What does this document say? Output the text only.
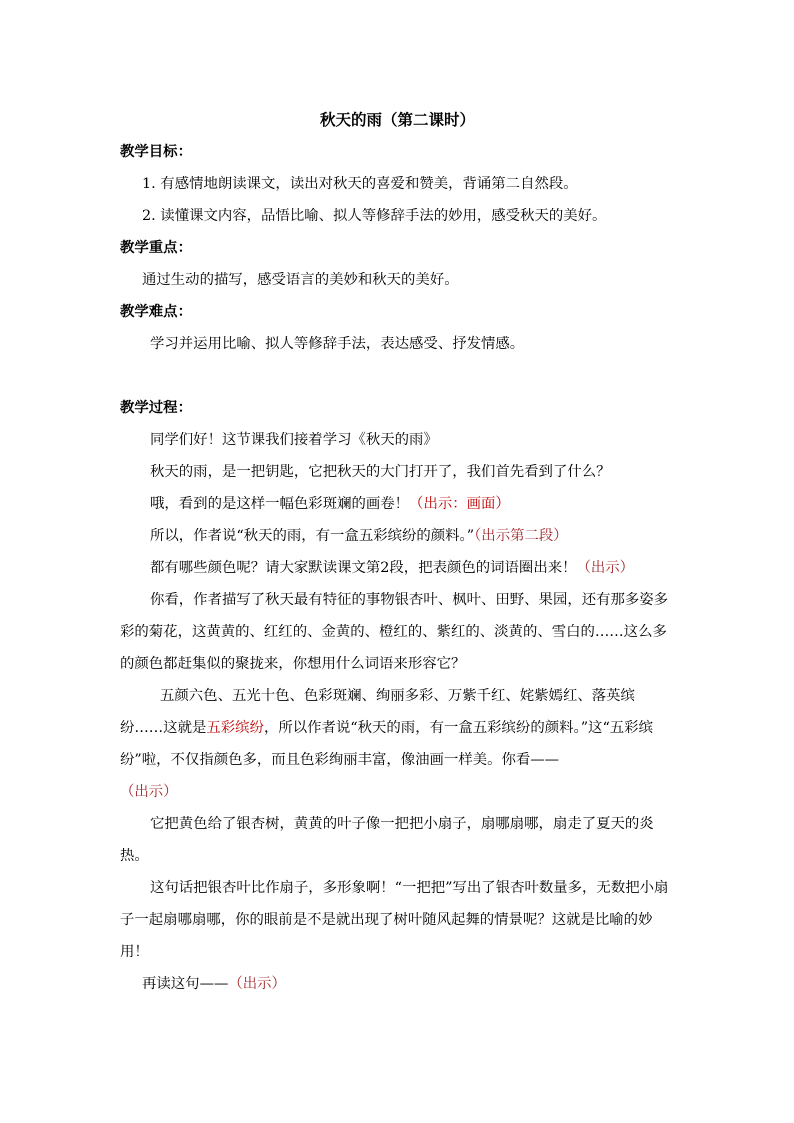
秋天的雨（第二课时）

教学目标：

1. 有感情地朗读课文，读出对秋天的喜爱和赞美，背诵第二自然段。

2. 读懂课文内容，品悟比喻、拟人等修辞手法的妙用，感受秋天的美好。

教学重点：

通过生动的描写，感受语言的美妙和秋天的美好。

教学难点：

学习并运用比喻、拟人等修辞手法，表达感受、抒发情感。

教学过程：

同学们好！这节课我们接着学习《秋天的雨》

秋天的雨，是一把钥匙，它把秋天的大门打开了，我们首先看到了什么？

哦，看到的是这样一幅色彩斑斓的画卷！（出示：画面）

所以，作者说“秋天的雨，有一盒五彩缤纷的颜料。”（出示第二段）

都有哪些颜色呢？请大家默读课文第2段，把表颜色的词语圈出来！（出示）

你看，作者描写了秋天最有特征的事物银杏叶、枫叶、田野、果园，还有那多姿多彩的菊花，这黄黄的、红红的、金黄的、橙红的、紫红的、淡黄的、雪白的……这么多的颜色都赶集似的聚拢来，你想用什么词语来形容它？

五颜六色、五光十色、色彩斑斓、绚丽多彩、万紫千红、姹紫嫣红、落英缤纷……这就是五彩缤纷，所以作者说“秋天的雨，有一盒五彩缤纷的颜料。”这“五彩缤纷”啦，不仅指颜色多，而且色彩绚丽丰富，像油画一样美。你看——

（出示）

它把黄色给了银杏树，黄黄的叶子像一把把小扇子，扇哪扇哪，扇走了夏天的炎热。

这句话把银杏叶比作扇子，多形象啊！“一把把”写出了银杏叶数量多，无数把小扇子一起扇哪扇哪，你的眼前是不是就出现了树叶随风起舞的情景呢？这就是比喻的妙用！

再读这句——（出示）
